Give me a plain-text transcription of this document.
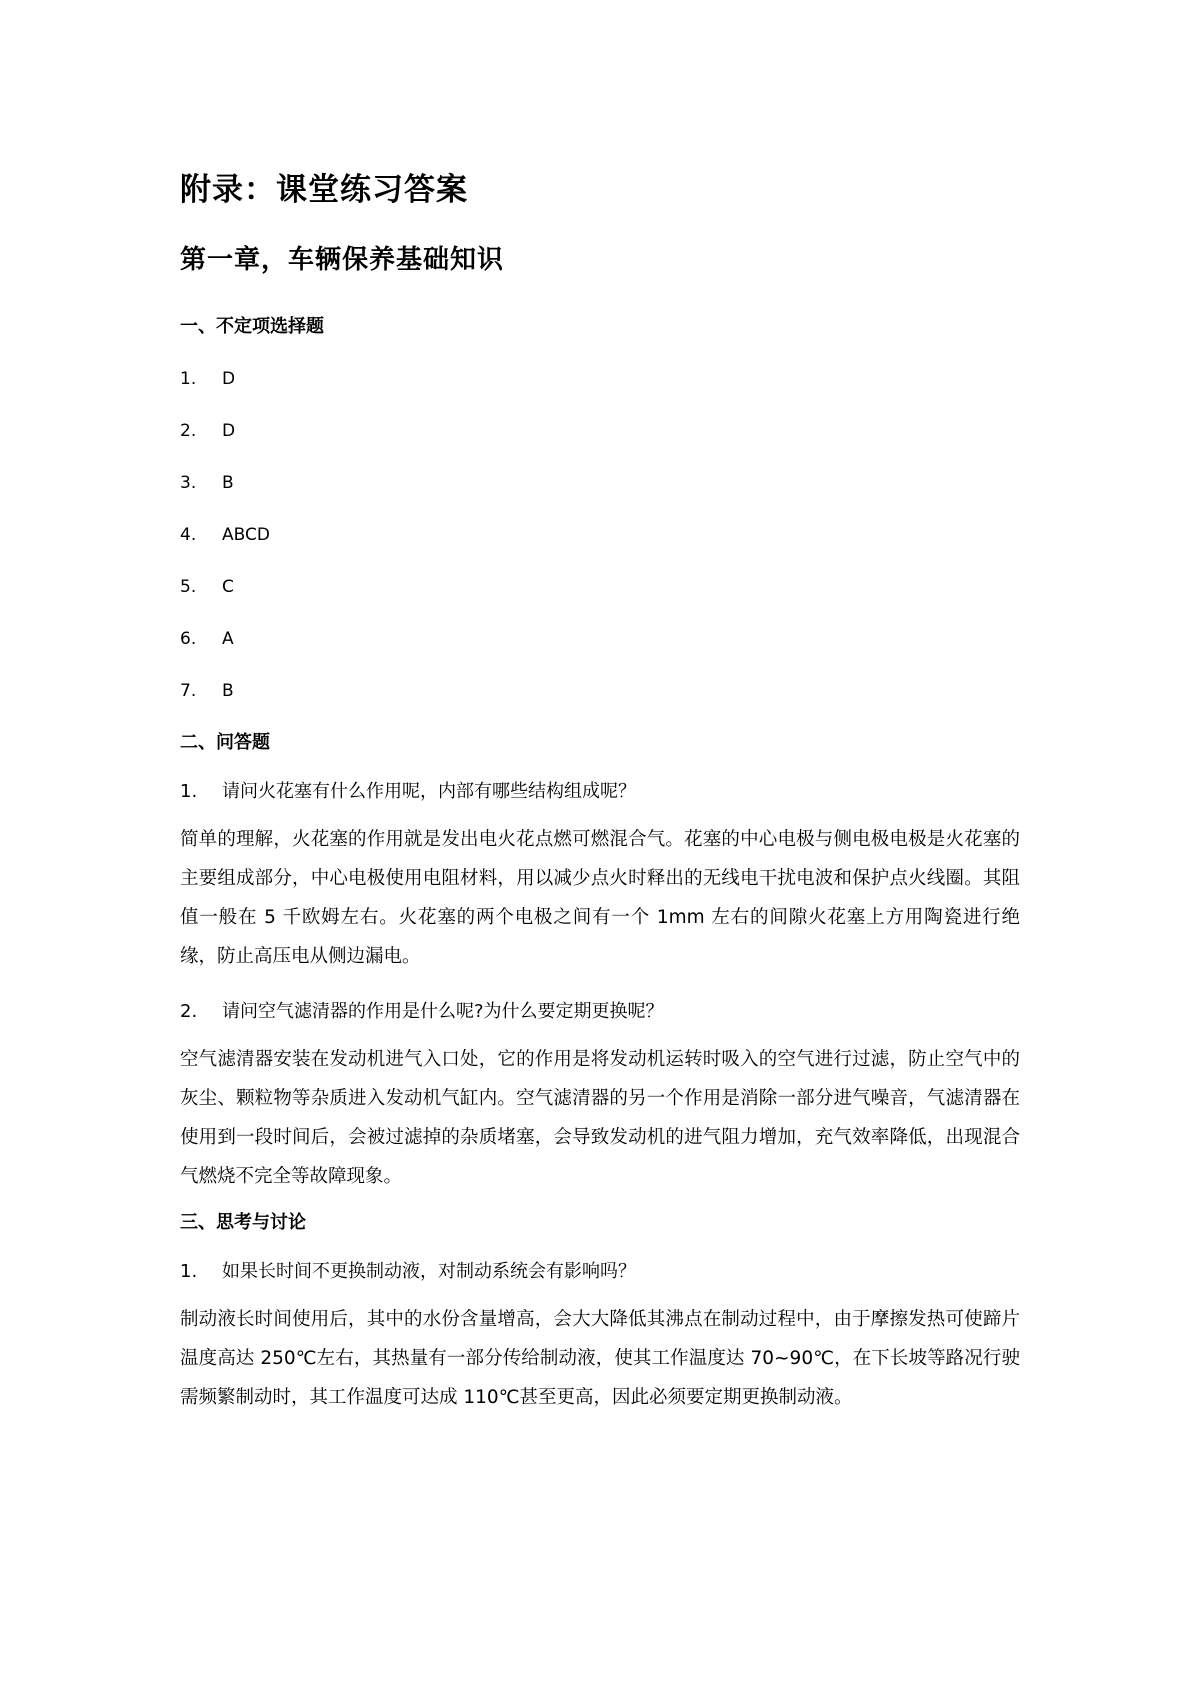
附录：课堂练习答案
第一章，车辆保养基础知识
一、不定项选择题
1.	D
2.	D
3.	B
4.	ABCD
5.	C
6.	A
7.	B
二、问答题
1.	请问火花塞有什么作用呢，内部有哪些结构组成呢？

简单的理解，火花塞的作用就是发出电火花点燃可燃混合气。花塞的中心电极与侧电极电极是火花塞的主要组成部分，中心电极使用电阻材料，用以减少点火时释出的无线电干扰电波和保护点火线圈。其阻值一般在 5 千欧姆左右。火花塞的两个电极之间有一个 1mm 左右的间隙火花塞上方用陶瓷进行绝缘，防止高压电从侧边漏电。

2.	请问空气滤清器的作用是什么呢?为什么要定期更换呢？

空气滤清器安装在发动机进气入口处，它的作用是将发动机运转时吸入的空气进行过滤，防止空气中的灰尘、颗粒物等杂质进入发动机气缸内。空气滤清器的另一个作用是消除一部分进气噪音，气滤清器在使用到一段时间后，会被过滤掉的杂质堵塞，会导致发动机的进气阻力增加，充气效率降低，出现混合气燃烧不完全等故障现象。

三、思考与讨论
1.	如果长时间不更换制动液，对制动系统会有影响吗？

制动液长时间使用后，其中的水份含量增高，会大大降低其沸点在制动过程中，由于摩擦发热可使蹄片温度高达 250℃左右，其热量有一部分传给制动液，使其工作温度达 70~90℃，在下长坡等路况行驶需频繁制动时，其工作温度可达成 110℃甚至更高，因此必须要定期更换制动液。
